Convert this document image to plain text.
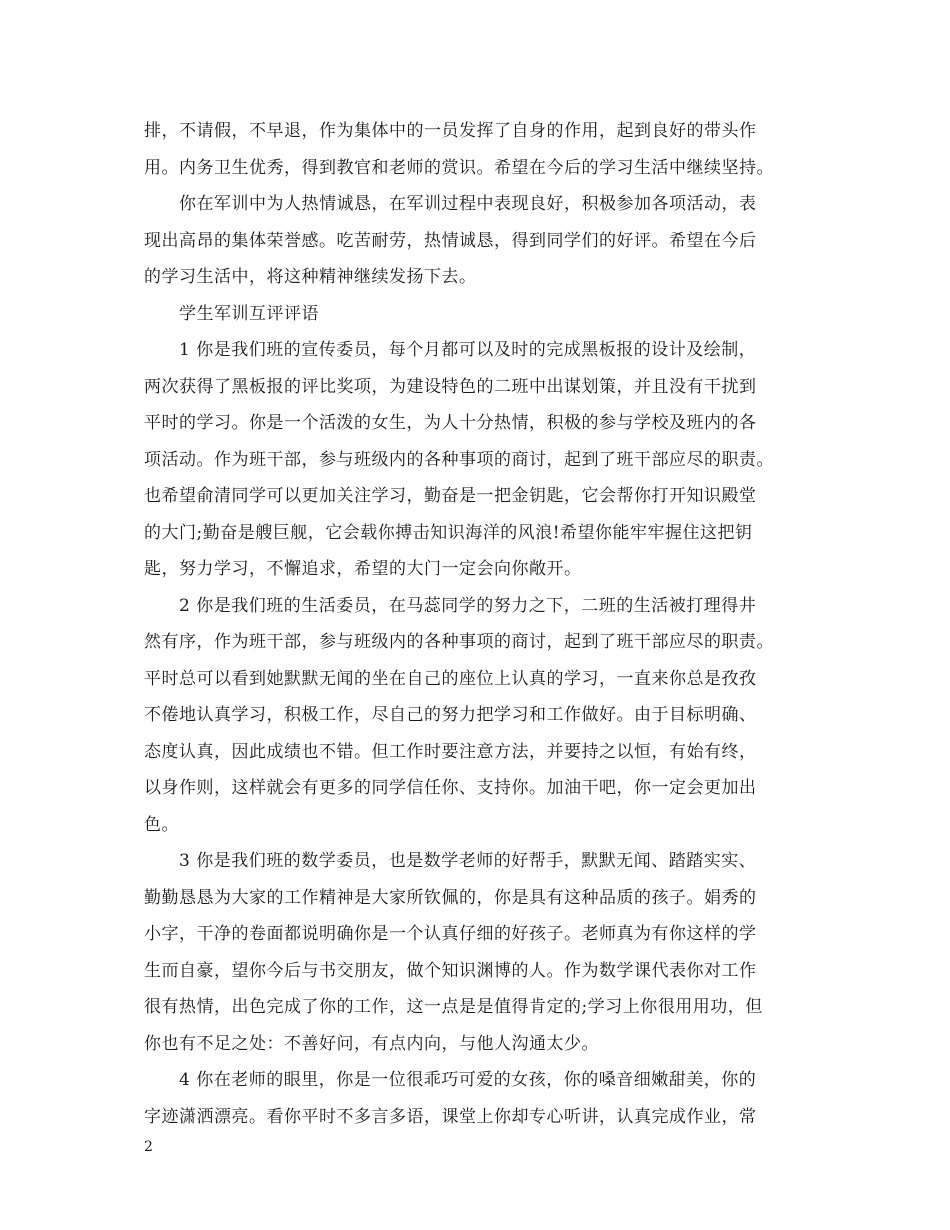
排，不请假，不早退，作为集体中的一员发挥了自身的作用，起到良好的带头作
用。内务卫生优秀，得到教官和老师的赏识。希望在今后的学习生活中继续坚持。
你在军训中为人热情诚恳，在军训过程中表现良好，积极参加各项活动，表
现出高昂的集体荣誉感。吃苦耐劳，热情诚恳，得到同学们的好评。希望在今后
的学习生活中，将这种精神继续发扬下去。
学生军训互评评语
1 你是我们班的宣传委员，每个月都可以及时的完成黑板报的设计及绘制，
两次获得了黑板报的评比奖项，为建设特色的二班中出谋划策，并且没有干扰到
平时的学习。你是一个活泼的女生，为人十分热情，积极的参与学校及班内的各
项活动。作为班干部，参与班级内的各种事项的商讨，起到了班干部应尽的职责。
也希望俞清同学可以更加关注学习，勤奋是一把金钥匙，它会帮你打开知识殿堂
的大门;勤奋是艘巨舰，它会载你搏击知识海洋的风浪!希望你能牢牢握住这把钥
匙，努力学习，不懈追求，希望的大门一定会向你敞开。
2 你是我们班的生活委员，在马蕊同学的努力之下，二班的生活被打理得井
然有序，作为班干部，参与班级内的各种事项的商讨，起到了班干部应尽的职责。
平时总可以看到她默默无闻的坐在自己的座位上认真的学习，一直来你总是孜孜
不倦地认真学习，积极工作，尽自己的努力把学习和工作做好。由于目标明确、
态度认真，因此成绩也不错。但工作时要注意方法，并要持之以恒，有始有终，
以身作则，这样就会有更多的同学信任你、支持你。加油干吧，你一定会更加出
色。
3 你是我们班的数学委员，也是数学老师的好帮手，默默无闻、踏踏实实、
勤勤恳恳为大家的工作精神是大家所钦佩的，你是具有这种品质的孩子。娟秀的
小字，干净的卷面都说明确你是一个认真仔细的好孩子。老师真为有你这样的学
生而自豪，望你今后与书交朋友，做个知识渊博的人。作为数学课代表你对工作
很有热情，出色完成了你的工作，这一点是是值得肯定的;学习上你很用用功，但
你也有不足之处：不善好问，有点内向，与他人沟通太少。
4 你在老师的眼里，你是一位很乖巧可爱的女孩，你的嗓音细嫩甜美，你的
字迹潇洒漂亮。看你平时不多言多语，课堂上你却专心听讲，认真完成作业，常
2
